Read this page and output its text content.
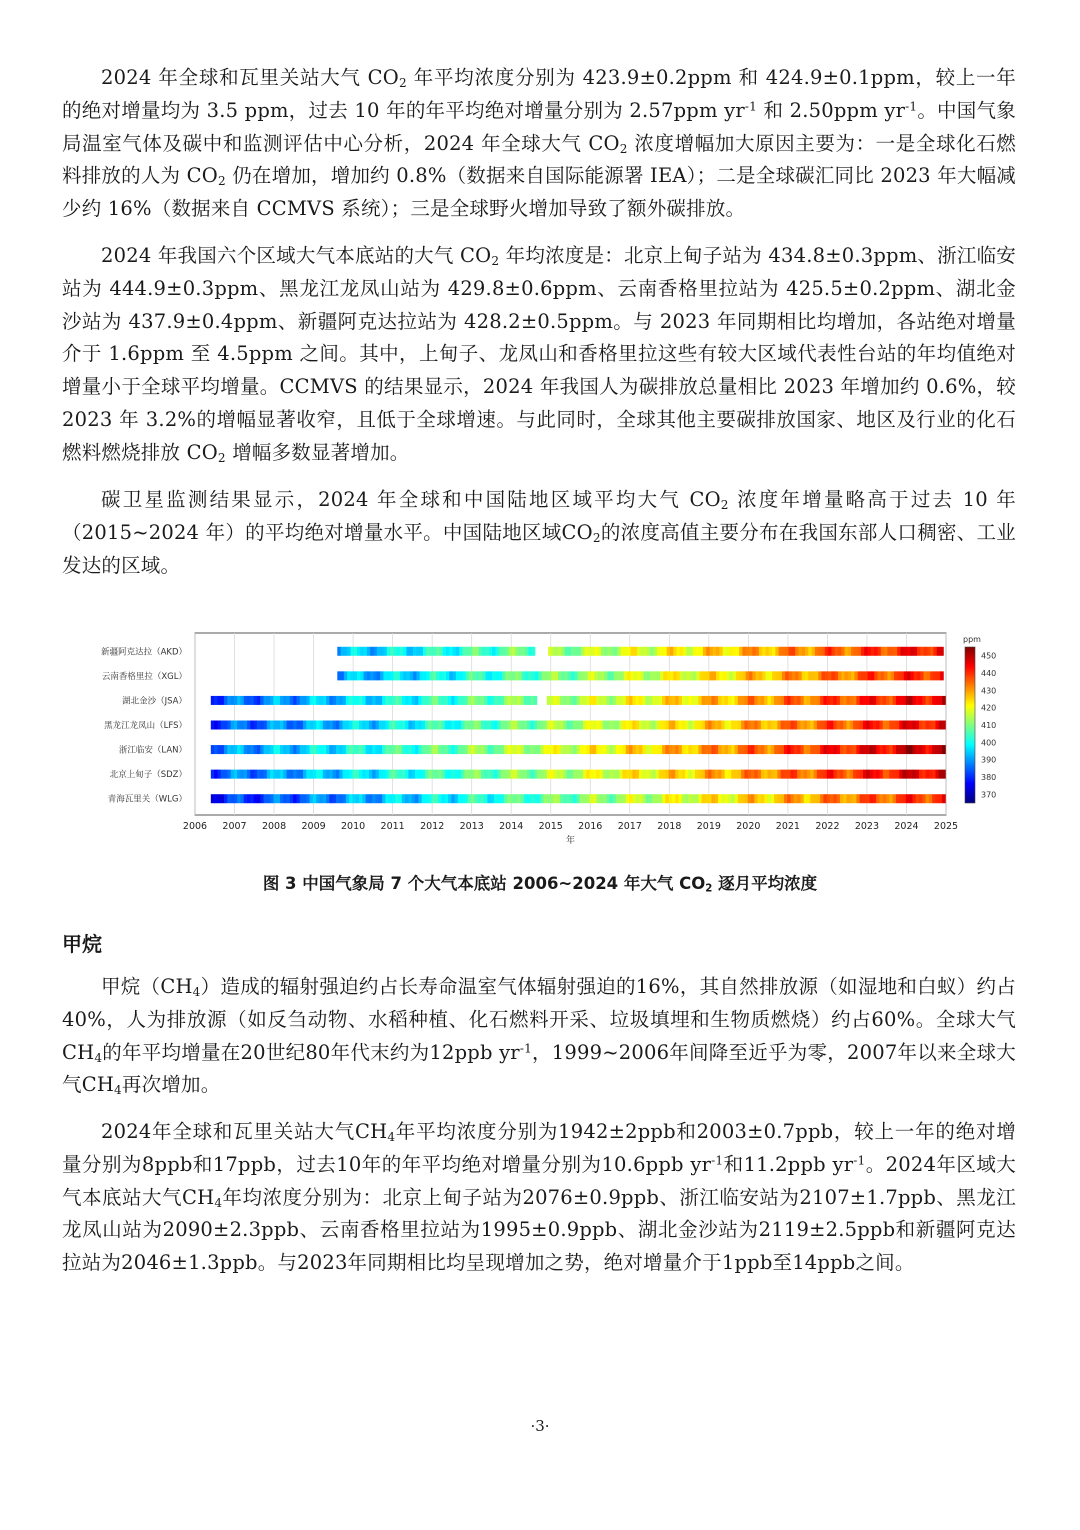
2024 年全球和瓦里关站大气 $CO_2$ 年平均浓度分别为 423.9±0.2ppm 和 424.9±0.1ppm，较上一年的绝对增量均为 3.5 ppm，过去 10 年的年平均绝对增量分别为 2.57ppm $yr^{-1}$ 和 2.50ppm $yr^{-1}$。中国气象局温室气体及碳中和监测评估中心分析，2024 年全球大气 $CO_2$ 浓度增幅加大原因主要为：一是全球化石燃料排放的人为 $CO_2$ 仍在增加，增加约 0.8%（数据来自国际能源署 IEA）；二是全球碳汇同比 2023 年大幅减少约 16%（数据来自 CCMVS 系统）；三是全球野火增加导致了额外碳排放。

2024 年我国六个区域大气本底站的大气 $CO_2$ 年均浓度是：北京上甸子站为 434.8±0.3ppm、浙江临安站为 444.9±0.3ppm、黑龙江龙凤山站为 429.8±0.6ppm、云南香格里拉站为 425.5±0.2ppm、湖北金沙站为 437.9±0.4ppm、新疆阿克达拉站为 428.2±0.5ppm。与 2023 年同期相比均增加，各站绝对增量介于 1.6ppm 至 4.5ppm 之间。其中，上甸子、龙凤山和香格里拉这些有较大区域代表性台站的年均值绝对增量小于全球平均增量。CCMVS 的结果显示，2024 年我国人为碳排放总量相比 2023 年增加约 0.6%，较 2023 年 3.2%的增幅显著收窄，且低于全球增速。与此同时，全球其他主要碳排放国家、地区及行业的化石燃料燃烧排放 $CO_2$ 增幅多数显著增加。

碳卫星监测结果显示，2024 年全球和中国陆地区域平均大气 $CO_2$ 浓度年增量略高于过去 10 年（2015~2024 年）的平均绝对增量水平。中国陆地区域$CO_2$的浓度高值主要分布在我国东部人口稠密、工业发达的区域。

2006 2007 2008 2009 2010 2011 2012 2013 2014 2015 2016 2017 2018 2019 2020 2021 2022 2023 2024 2025
年
新疆阿克达拉（AKD）
云南香格里拉（XGL）
湖北金沙（JSA）
黑龙江龙凤山（LFS）
浙江临安（LAN）
北京上甸子（SDZ）
青海瓦里关（WLG）
ppm
450
440
430
420
410
400
390
380
370
图 3 中国气象局 7 个大气本底站 2006~2024 年大气 $CO_2$ 逐月平均浓度
甲烷

甲烷$(CH_4)$造成的辐射强迫约占长寿命温室气体辐射强迫的16%，其自然排放源（如湿地和白蚁）约占40%，人为排放源（如反刍动物、水稻种植、化石燃料开采、垃圾填埋和生物质燃烧）约占60%。全球大气$CH_4$的年平均增量在20世纪80年代末约为12ppb $yr^{-1}$，1999~2006年间降至近乎为零，2007年以来全球大气$CH_4$再次增加。

2024年全球和瓦里关站大气$CH_4$年平均浓度分别为1942±2ppb和2003±0.7ppb，较上一年的绝对增量分别为8ppb和17ppb，过去10年的年平均绝对增量分别为10.6ppb $yr^{-1}$和11.2ppb $yr^{-1}$。2024年区域大气本底站大气$CH_4$年均浓度分别为：北京上甸子站为2076±0.9ppb、浙江临安站为2107±1.7ppb、黑龙江龙凤山站为2090±2.3ppb、云南香格里拉站为1995±0.9ppb、湖北金沙站为2119±2.5ppb和新疆阿克达拉站为2046±1.3ppb。与2023年同期相比均呈现增加之势，绝对增量介于1ppb至14ppb之间。

·3·
